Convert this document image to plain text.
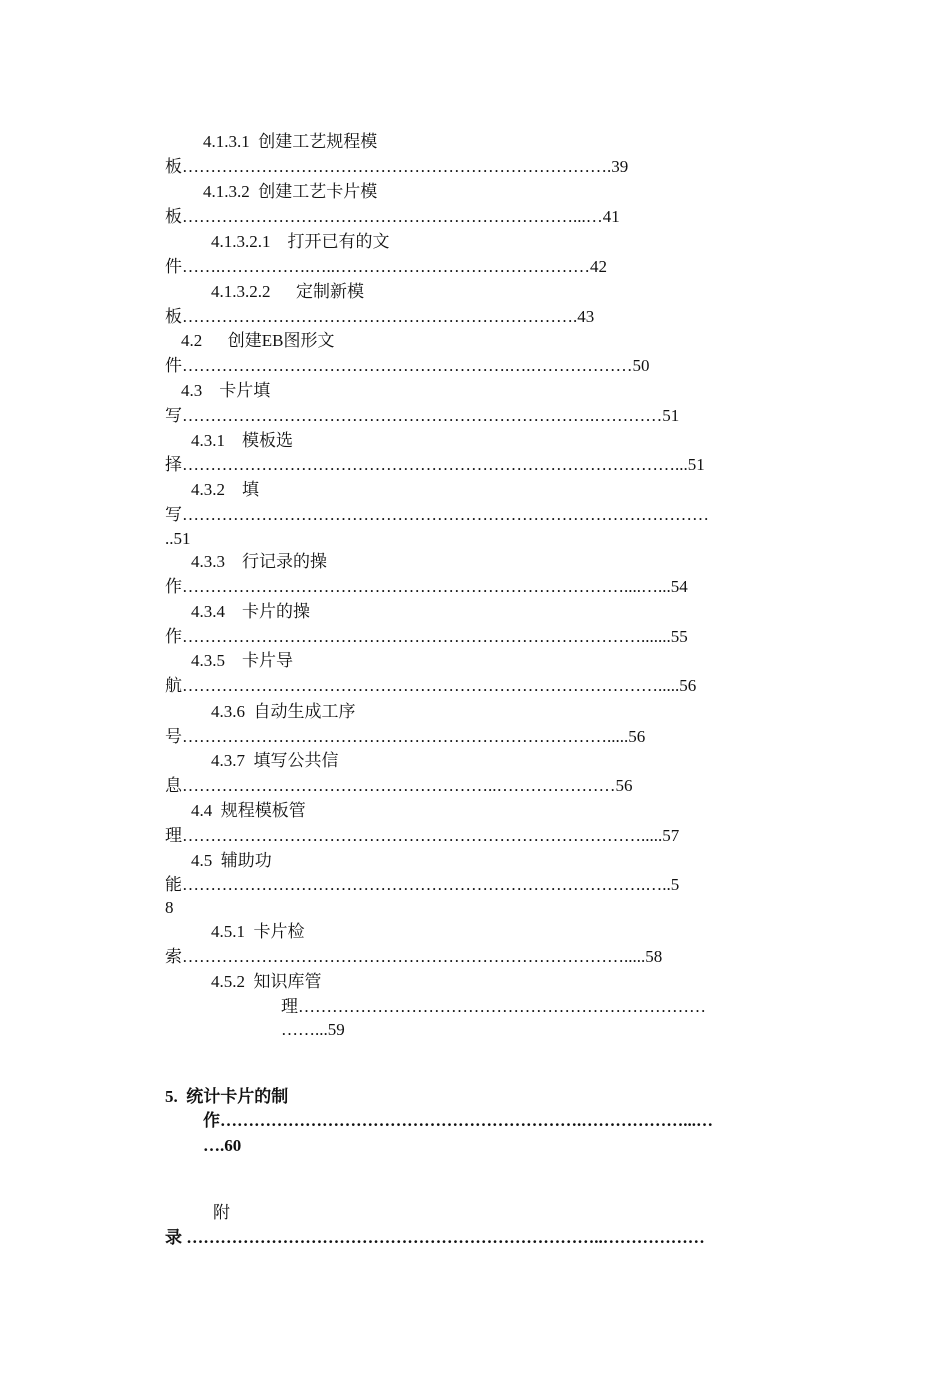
4.1.3.1  创建工艺规程模
板………………………………………………………………….39
4.1.3.2  创建工艺卡片模
板……………………………………………………………...…41
4.1.3.2.1    打开已有的文
件…….…………….…..………………………………………42
4.1.3.2.2      定制新模
板…………………………………………………………….43
4.2      创建EB图形文
件………………………………………………….….………………50
4.3    卡片填
写……………………………………………………………….…………51
4.3.1    模板选
择……………………………………………………………………………...51
4.3.2    填
写…………………………………………………………………………………
..51
4.3.3    行记录的操
作……………………………………………………………………....…...54
4.3.4    卡片的操
作……………………………………………………………………….......55
4.3.5    卡片导
航………………………………………………………………………….....56
4.3.6  自动生成工序
号………………………………………………………………….....56
4.3.7  填写公共信
息………………………………………………..…………………56
4.4  规程模板管
理……………………………………………………………………….....57
4.5  辅助功
能……………………………………………………………………….…..5
8
4.5.1  卡片检
索…………………………………………………………………….....58
4.5.2  知识库管
理………………………………………………………………
……...59
5.  统计卡片的制
作……………………………………………………….………………...…
….60
附
录 ………………………………………………………………..………………
